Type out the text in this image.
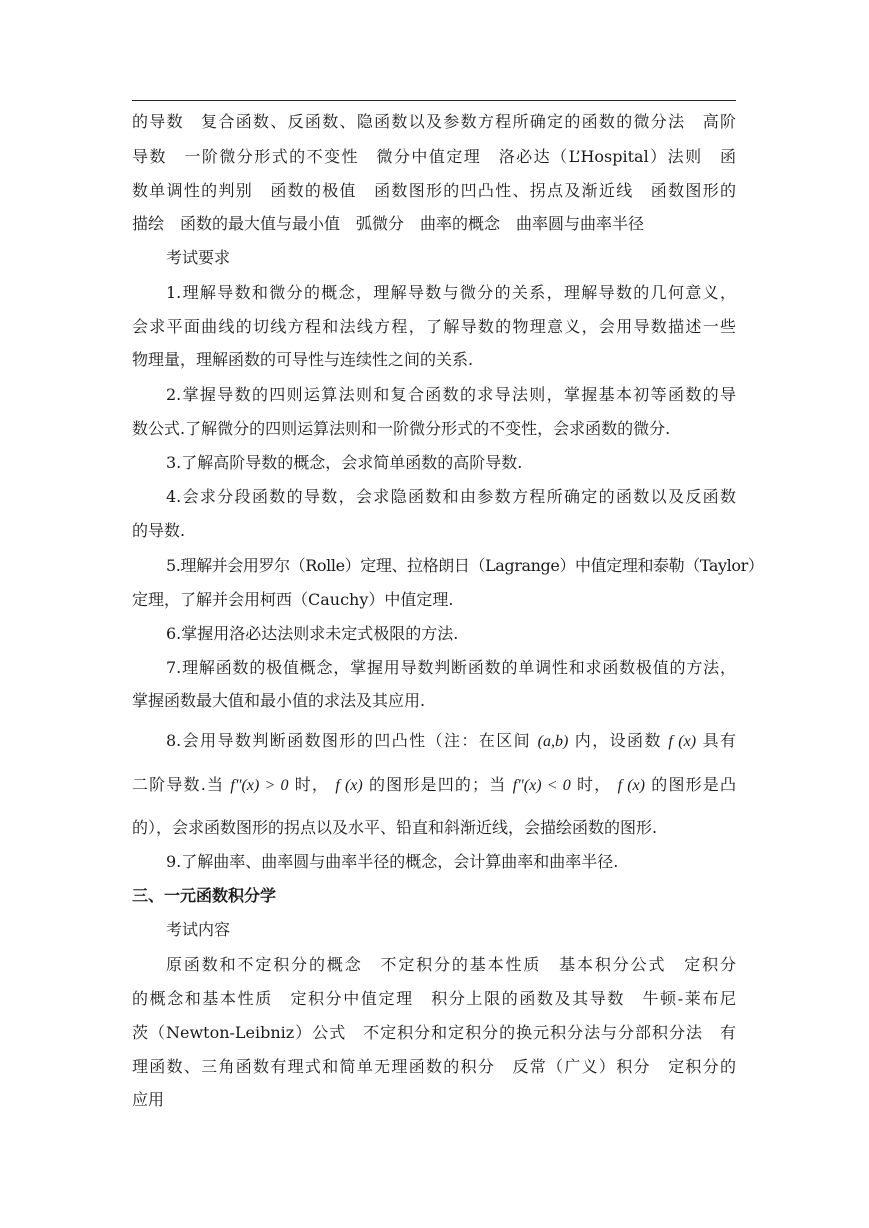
的导数　复合函数、反函数、隐函数以及参数方程所确定的函数的微分法　高阶
导数　一阶微分形式的不变性　微分中值定理　洛必达（L’Hospital）法则　函
数单调性的判别　函数的极值　函数图形的凹凸性、拐点及渐近线　函数图形的
描绘　函数的最大值与最小值　弧微分　曲率的概念　曲率圆与曲率半径
考试要求
1.理解导数和微分的概念，理解导数与微分的关系，理解导数的几何意义，
会求平面曲线的切线方程和法线方程，了解导数的物理意义，会用导数描述一些
物理量，理解函数的可导性与连续性之间的关系.
2.掌握导数的四则运算法则和复合函数的求导法则，掌握基本初等函数的导
数公式.了解微分的四则运算法则和一阶微分形式的不变性，会求函数的微分.
3.了解高阶导数的概念，会求简单函数的高阶导数.
4.会求分段函数的导数，会求隐函数和由参数方程所确定的函数以及反函数
的导数.
5.理解并会用罗尔（Rolle）定理、拉格朗日（Lagrange）中值定理和泰勒（Taylor）
定理，了解并会用柯西（Cauchy）中值定理.
6.掌握用洛必达法则求未定式极限的方法.
7.理解函数的极值概念，掌握用导数判断函数的单调性和求函数极值的方法，
掌握函数最大值和最小值的求法及其应用.
8.会用导数判断函数图形的凹凸性（注：在区间 (a,b) 内，设函数 f (x) 具有
二阶导数.当 f″(x) > 0 时， f (x) 的图形是凹的；当 f″(x) < 0 时， f (x) 的图形是凸
的），会求函数图形的拐点以及水平、铅直和斜渐近线，会描绘函数的图形.
9.了解曲率、曲率圆与曲率半径的概念，会计算曲率和曲率半径.
三、一元函数积分学
考试内容
原函数和不定积分的概念　不定积分的基本性质　基本积分公式　定积分
的概念和基本性质　定积分中值定理　积分上限的函数及其导数　牛顿-莱布尼
茨（Newton-Leibniz）公式　不定积分和定积分的换元积分法与分部积分法　有
理函数、三角函数有理式和简单无理函数的积分　反常（广义）积分　定积分的
应用
